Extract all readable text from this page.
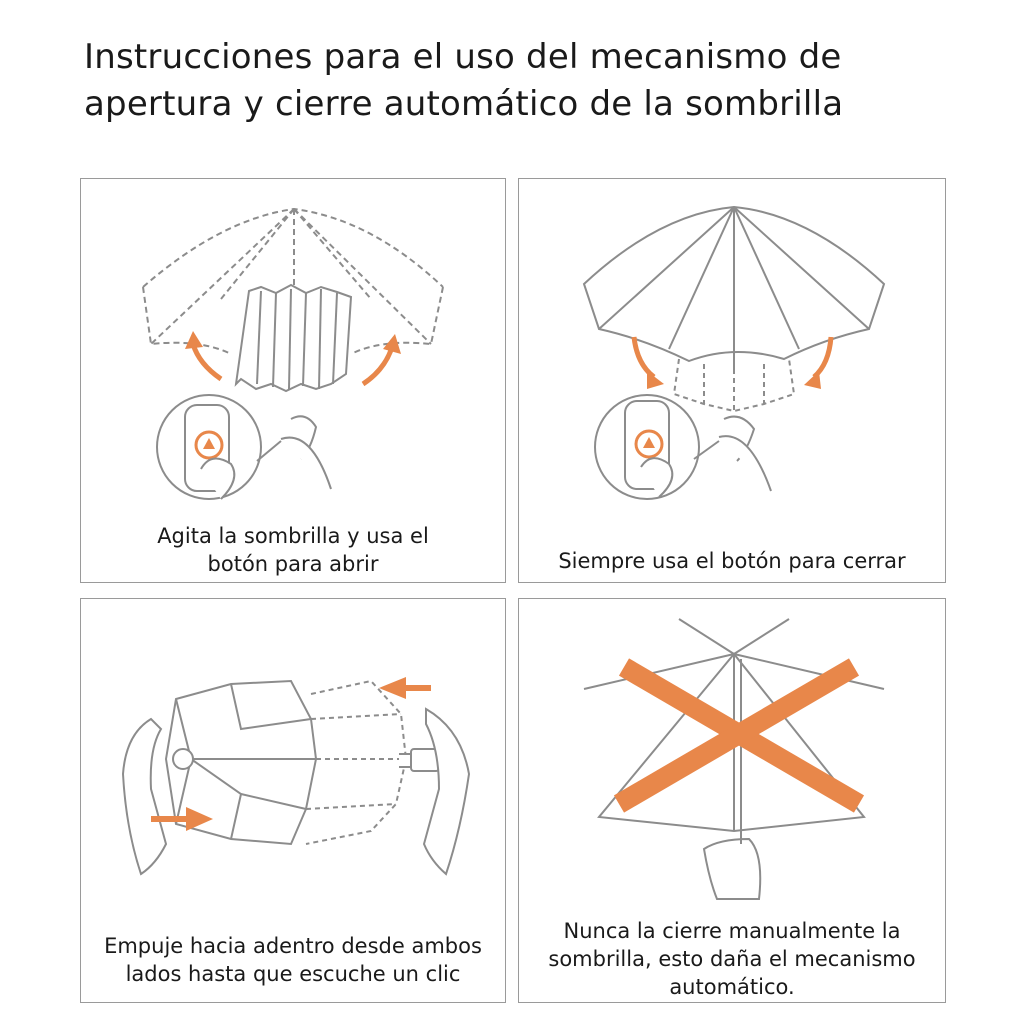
Instrucciones para el uso del mecanismo de
apertura y cierre automático de la sombrilla
Agita la sombrilla y usa el
botón para abrir	Siempre usa el botón para cerrar
Empuje hacia adentro desde ambos
lados hasta que escuche un clic
Nunca la cierre manualmente la
sombrilla, esto daña el mecanismo
automático.
